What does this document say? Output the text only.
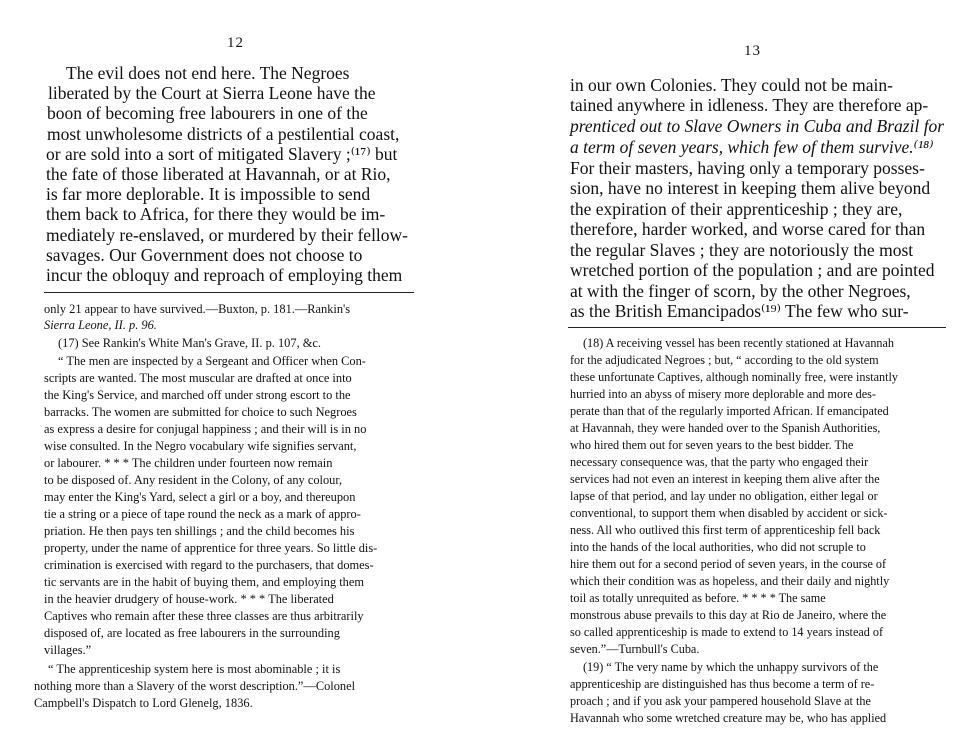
12
The evil does not end here. The Negroes
liberated by the Court at Sierra Leone have the
boon of becoming free labourers in one of the
most unwholesome districts of a pestilential coast,
or are sold into a sort of mitigated Slavery ;⁽¹⁷⁾ but
the fate of those liberated at Havannah, or at Rio,
is far more deplorable. It is impossible to send
them back to Africa, for there they would be im-
mediately re-enslaved, or murdered by their fellow-
savages. Our Government does not choose to
incur the obloquy and reproach of employing them
only 21 appear to have survived.—Buxton, p. 181.—Rankin's
Sierra Leone, II. p. 96.
(17) See Rankin's White Man's Grave, II. p. 107, &c.
“ The men are inspected by a Sergeant and Officer when Con-
scripts are wanted. The most muscular are drafted at once into
the King's Service, and marched off under strong escort to the
barracks. The women are submitted for choice to such Negroes
as express a desire for conjugal happiness ; and their will is in no
wise consulted. In the Negro vocabulary wife signifies servant,
or labourer. * * * The children under fourteen now remain
to be disposed of. Any resident in the Colony, of any colour,
may enter the King's Yard, select a girl or a boy, and thereupon
tie a string or a piece of tape round the neck as a mark of appro-
priation. He then pays ten shillings ; and the child becomes his
property, under the name of apprentice for three years. So little dis-
crimination is exercised with regard to the purchasers, that domes-
tic servants are in the habit of buying them, and employing them
in the heavier drudgery of house-work. * * * The liberated
Captives who remain after these three classes are thus arbitrarily
disposed of, are located as free labourers in the surrounding
villages.”
“ The apprenticeship system here is most abominable ; it is
nothing more than a Slavery of the worst description.”—Colonel
Campbell's Dispatch to Lord Glenelg, 1836.
13
in our own Colonies. They could not be main-
tained anywhere in idleness. They are therefore ap-
prenticed out to Slave Owners in Cuba and Brazil for
a term of seven years, which few of them survive.⁽¹⁸⁾
For their masters, having only a temporary posses-
sion, have no interest in keeping them alive beyond
the expiration of their apprenticeship ; they are,
therefore, harder worked, and worse cared for than
the regular Slaves ; they are notoriously the most
wretched portion of the population ; and are pointed
at with the finger of scorn, by the other Negroes,
as the British Emancipados⁽¹⁹⁾ The few who sur-
(18) A receiving vessel has been recently stationed at Havannah
for the adjudicated Negroes ; but, “ according to the old system
these unfortunate Captives, although nominally free, were instantly
hurried into an abyss of misery more deplorable and more des-
perate than that of the regularly imported African. If emancipated
at Havannah, they were handed over to the Spanish Authorities,
who hired them out for seven years to the best bidder. The
necessary consequence was, that the party who engaged their
services had not even an interest in keeping them alive after the
lapse of that period, and lay under no obligation, either legal or
conventional, to support them when disabled by accident or sick-
ness. All who outlived this first term of apprenticeship fell back
into the hands of the local authorities, who did not scruple to
hire them out for a second period of seven years, in the course of
which their condition was as hopeless, and their daily and nightly
toil as totally unrequited as before. * * * * The same
monstrous abuse prevails to this day at Rio de Janeiro, where the
so called apprenticeship is made to extend to 14 years instead of
seven.”—Turnbull's Cuba.
(19) “ The very name by which the unhappy survivors of the
apprenticeship are distinguished has thus become a term of re-
proach ; and if you ask your pampered household Slave at the
Havannah who some wretched creature may be, who has applied
